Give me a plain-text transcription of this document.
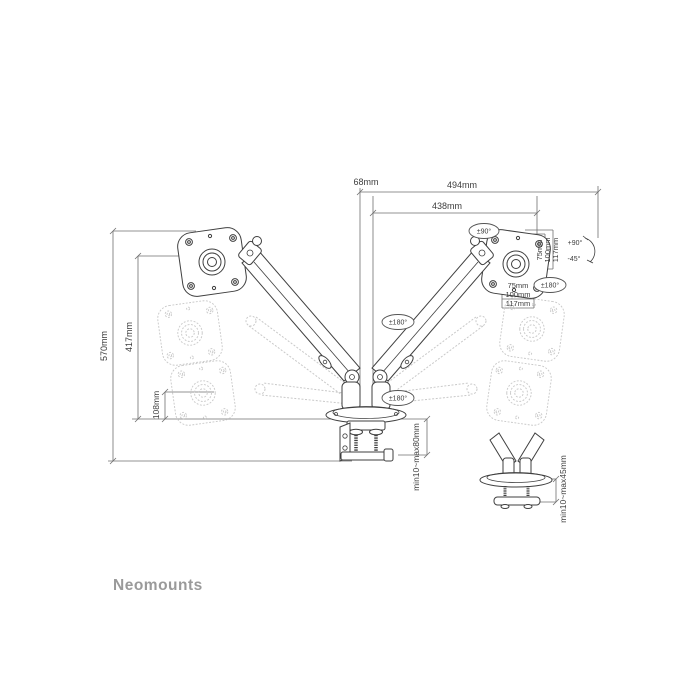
±90°
±180°
±180°
±180°
+90°
-45°
68mm	494mm
438mm
570mm 417mm
108mm
75mm 100mm 117mm
75mm
100mm
117mm
min10~max80mm	min10~max45mm
Neomounts
